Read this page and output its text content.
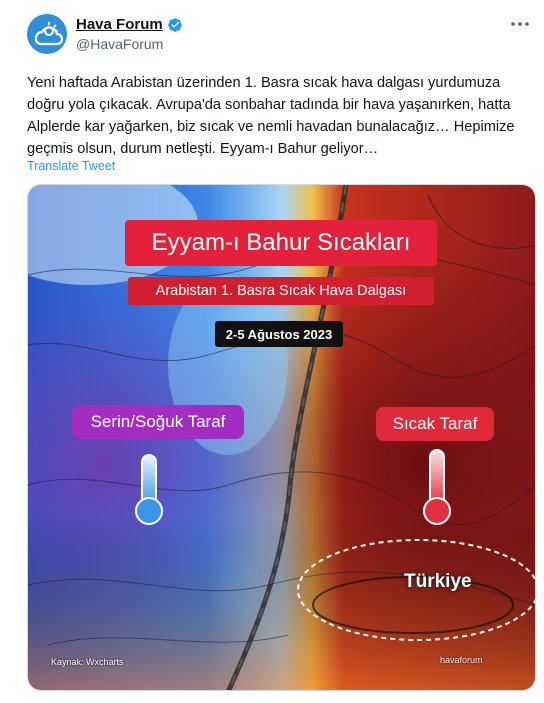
Hava Forum
@HavaForum
Yeni haftada Arabistan üzerinden 1. Basra sıcak hava dalgası yurdumuza doğru yola çıkacak. Avrupa'da sonbahar tadında bir hava yaşanırken, hatta Alplerde kar yağarken, biz sıcak ve nemli havadan bunalacağız… Hepimize geçmis olsun, durum netleşti. Eyyam-ı Bahur geliyor…
Translate Tweet
Eyyam-ı Bahur Sıcakları
Arabistan 1. Basra Sıcak Hava Dalgası
2-5 Ağustos 2023
Serin/Soğuk Taraf	Sıcak Taraf
Türkiye
Kaynak: Wxcharts	havaforum
